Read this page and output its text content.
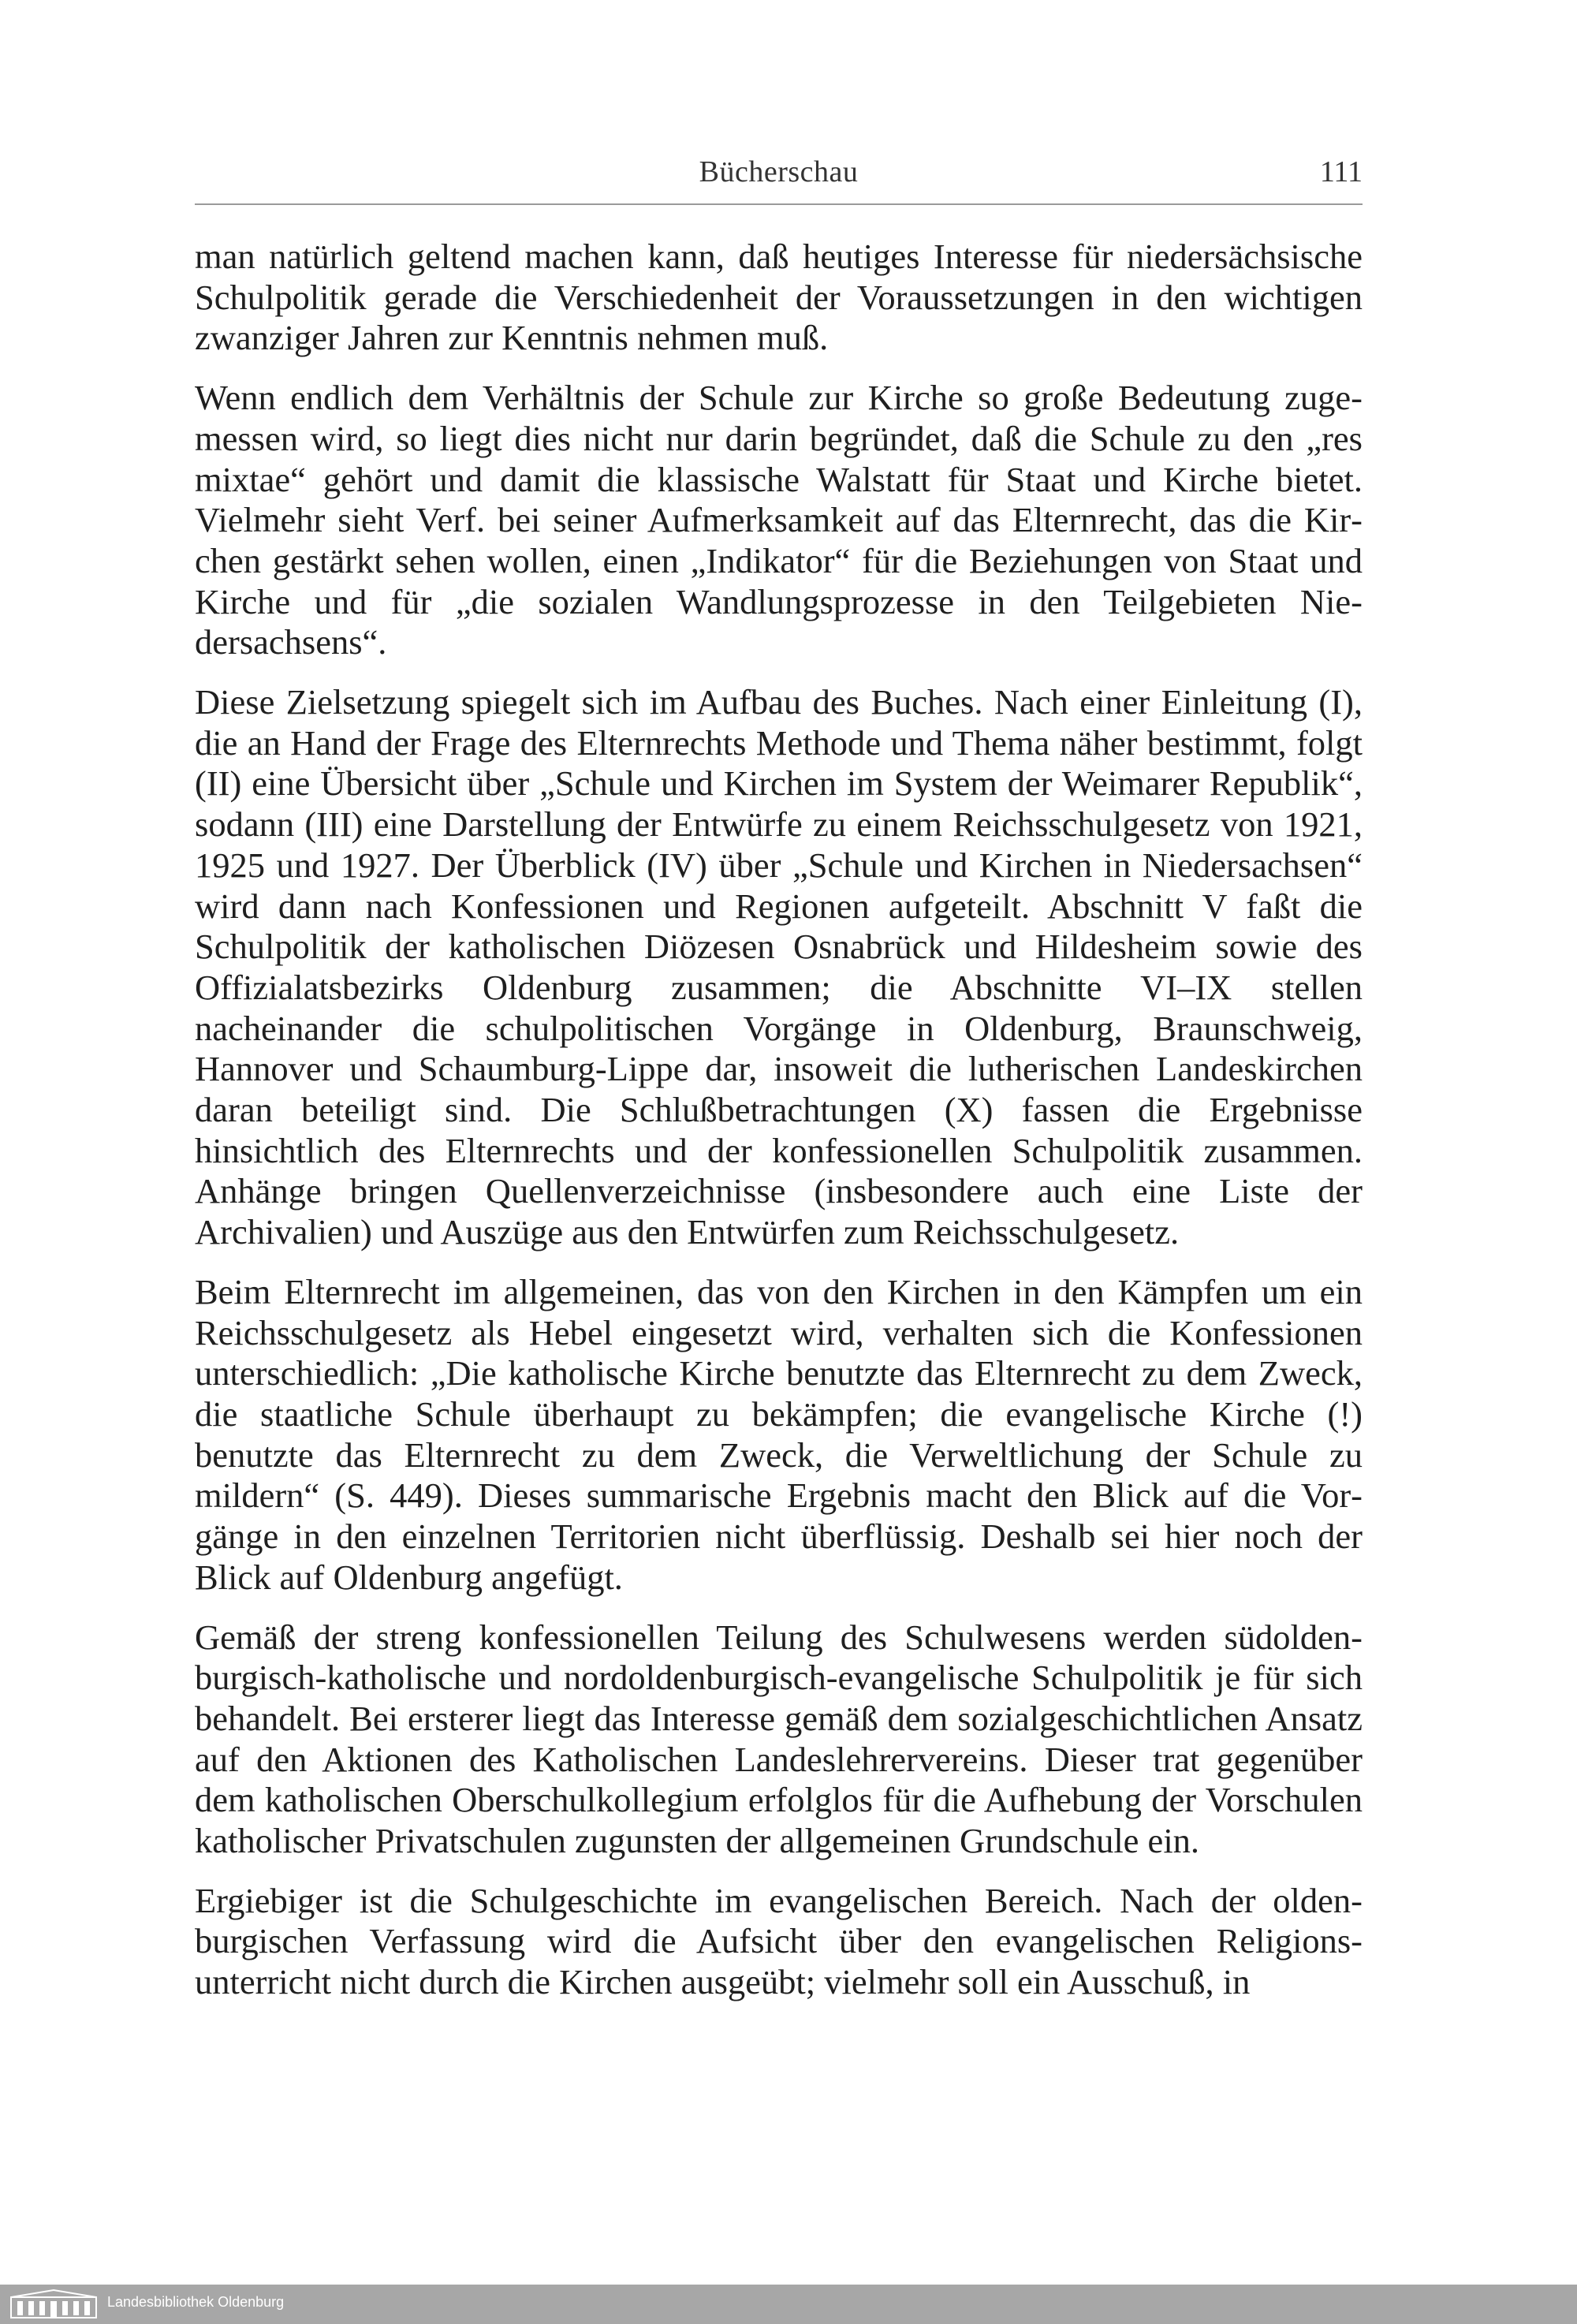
Bücherschau	111

man natürlich geltend machen kann, daß heutiges Interesse für niedersächsische Schulpolitik gerade die Verschiedenheit der Voraussetzungen in den wichtigen zwanziger Jahren zur Kenntnis nehmen muß.

Wenn endlich dem Verhältnis der Schule zur Kirche so große Bedeutung zugemessen wird, so liegt dies nicht nur darin begründet, daß die Schule zu den „res mixtae“ gehört und damit die klassische Walstatt für Staat und Kirche bietet. Vielmehr sieht Verf. bei seiner Aufmerksamkeit auf das Elternrecht, das die Kirchen gestärkt sehen wollen, einen „Indikator“ für die Beziehungen von Staat und Kirche und für „die sozialen Wandlungsprozesse in den Teilgebieten Niedersachsens“.

Diese Zielsetzung spiegelt sich im Aufbau des Buches. Nach einer Einleitung (I), die an Hand der Frage des Elternrechts Methode und Thema näher bestimmt, folgt (II) eine Übersicht über „Schule und Kirchen im System der Weimarer Republik“, sodann (III) eine Darstellung der Entwürfe zu einem Reichsschulgesetz von 1921, 1925 und 1927. Der Überblick (IV) über „Schule und Kirchen in Niedersachsen“ wird dann nach Konfessionen und Regionen aufgeteilt. Abschnitt V faßt die Schulpolitik der katholischen Diözesen Osnabrück und Hildesheim sowie des Offizialatsbezirks Oldenburg zusammen; die Abschnitte VI–IX stellen nacheinander die schulpolitischen Vorgänge in Oldenburg, Braunschweig, Hannover und Schaumburg-Lippe dar, insoweit die lutherischen Landeskirchen daran beteiligt sind. Die Schlußbetrachtungen (X) fassen die Ergebnisse hinsichtlich des Elternrechts und der konfessionellen Schulpolitik zusammen. Anhänge bringen Quellenverzeichnisse (insbesondere auch eine Liste der Archivalien) und Auszüge aus den Entwürfen zum Reichsschulgesetz.

Beim Elternrecht im allgemeinen, das von den Kirchen in den Kämpfen um ein Reichsschulgesetz als Hebel eingesetzt wird, verhalten sich die Konfessionen unterschiedlich: „Die katholische Kirche benutzte das Elternrecht zu dem Zweck, die staatliche Schule überhaupt zu bekämpfen; die evangelische Kirche (!) benutzte das Elternrecht zu dem Zweck, die Verweltlichung der Schule zu mildern“ (S. 449). Dieses summarische Ergebnis macht den Blick auf die Vorgänge in den einzelnen Territorien nicht überflüssig. Deshalb sei hier noch der Blick auf Oldenburg angefügt.

Gemäß der streng konfessionellen Teilung des Schulwesens werden südoldenburgisch-katholische und nordoldenburgisch-evangelische Schulpolitik je für sich behandelt. Bei ersterer liegt das Interesse gemäß dem sozialgeschichtlichen Ansatz auf den Aktionen des Katholischen Landeslehrervereins. Dieser trat gegenüber dem katholischen Oberschulkollegium erfolglos für die Aufhebung der Vorschulen katholischer Privatschulen zugunsten der allgemeinen Grundschule ein.

Ergiebiger ist die Schulgeschichte im evangelischen Bereich. Nach der oldenburgischen Verfassung wird die Aufsicht über den evangelischen Religionsunterricht nicht durch die Kirchen ausgeübt; vielmehr soll ein Ausschuß, in

Landesbibliothek Oldenburg
